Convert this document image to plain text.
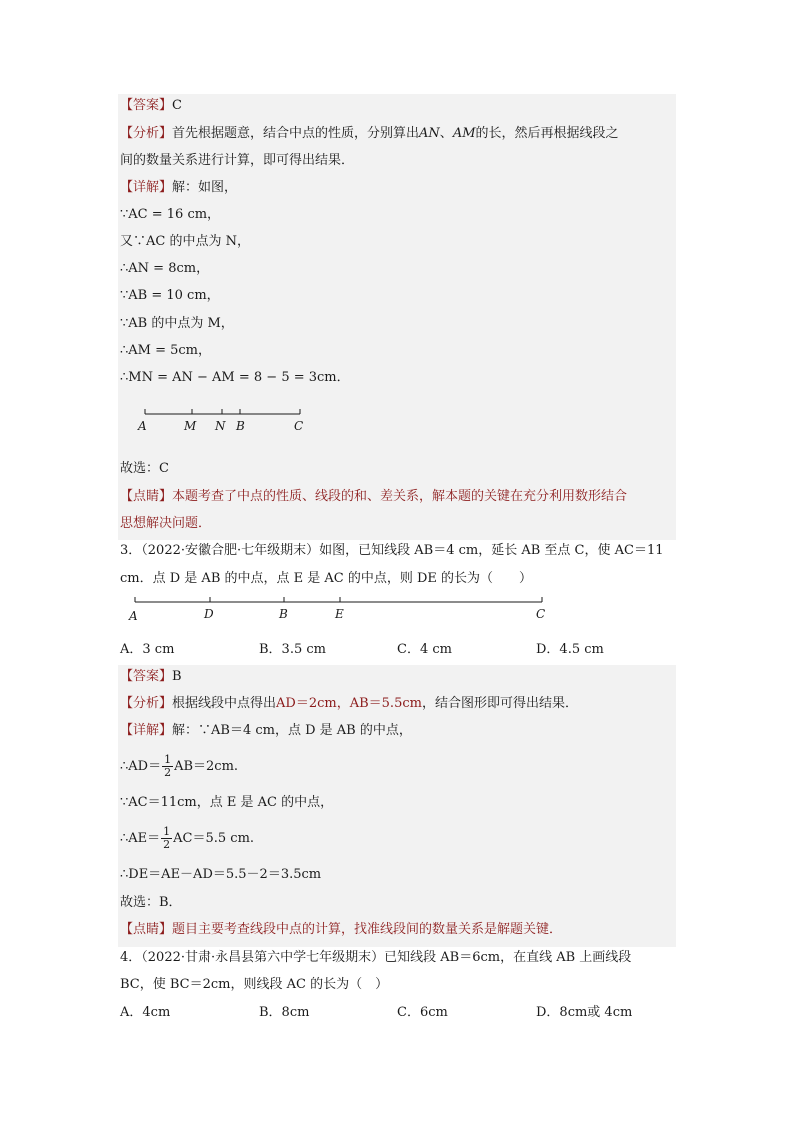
【答案】C
【分析】首先根据题意，结合中点的性质，分别算出AN、AM的长，然后再根据线段之
间的数量关系进行计算，即可得出结果．
【详解】解：如图，
∵AC = 16 cm，
又∵AC 的中点为 N，
∴AN = 8cm，
∵AB = 10 cm，
∵AB 的中点为 M，
∴AM = 5cm，
∴MN = AN − AM = 8 − 5 = 3cm．
A	M N B	C
故选：C
【点睛】本题考查了中点的性质、线段的和、差关系，解本题的关键在充分利用数形结合
思想解决问题．
3．（2022·安徽合肥·七年级期末）如图，已知线段 AB＝4 cm，延长 AB 至点 C，使 AC＝11
cm．点 D 是 AB 的中点，点 E 是 AC 的中点，则 DE 的长为（　　）
A	D	B	E	C
A．3 cm	B．3.5 cm	C．4 cm	D．4.5 cm
【答案】B
【分析】根据线段中点得出AD＝2cm，AB＝5.5cm，结合图形即可得出结果．
【详解】解：∵AB＝4 cm，点 D 是 AB 的中点，
∴AD＝ $\frac{1}{2} AB=2cm$.
∵AC＝11cm，点 E 是 AC 的中点，
∴AE＝ $\frac{1}{2} AC=5.5$ cm.
∴DE＝AE－AD＝5.5－2＝3.5cm
故选：B．
【点睛】题目主要考查线段中点的计算，找准线段间的数量关系是解题关键．
4．（2022·甘肃·永昌县第六中学七年级期末）已知线段 AB＝6cm，在直线 AB 上画线段
BC，使 BC＝2cm，则线段 AC 的长为（　）
A．4cm	B．8cm	C．6cm	D．8cm或 4cm
